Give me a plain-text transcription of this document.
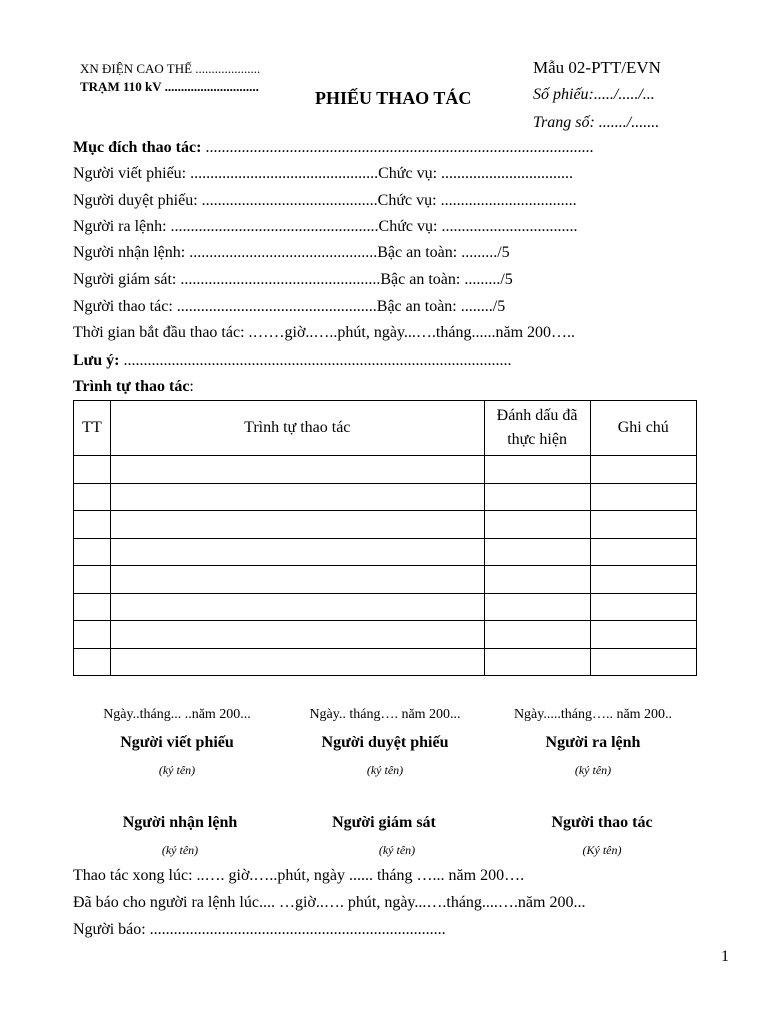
XN ĐIỆN CAO THẾ ....................
TRẠM 110 kV .............................
Mẫu 02-PTT/EVN
PHIẾU THAO TÁC	Số phiếu:...../...../...
Trang số: ......./.......
Mục đích thao tác: .................................................................................................
Người viết phiếu: ...............................................Chức vụ: .................................
Người duyệt phiếu: ............................................Chức vụ: ..................................
Người ra lệnh: ....................................................Chức vụ: ..................................
Người nhận lệnh: ...............................................Bậc an toàn: ........./5
Người giám sát: ..................................................Bậc an toàn: ........./5
Người thao tác: ..................................................Bậc an toàn: ......../5
Thời gian bắt đầu thao tác: .……giờ..…..phút, ngày...….tháng......năm 200…..
Lưu ý: .................................................................................................
Trình tự thao tác:
TT	Trình tự thao tác	Đánh dấu đã thực hiện	Ghi chú

Ngày..tháng... ..năm 200...	Ngày.. tháng…. năm 200...	Ngày.....tháng….. năm 200..
Người viết phiếu	Người duyệt phiếu	Người ra lệnh
(ký tên)	(ký tên)	(ký tên)
Người nhận lệnh	Người giám sát	Người thao tác
(ký tên)	(ký tên)	(Ký tên)
Thao tác xong lúc: ..…. giờ.…..phút, ngày ...... tháng …... năm 200….
Đã báo cho người ra lệnh lúc.... …giờ..…. phút, ngày...….tháng....….năm 200...
Người báo: ..........................................................................
1
